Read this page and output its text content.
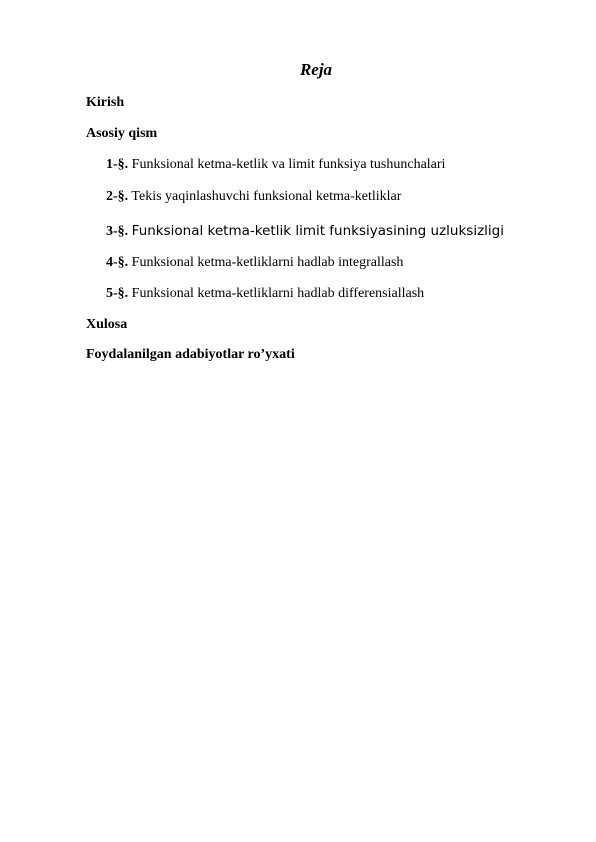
Reja
Kirish
Asosiy qism
1-§. Funksional ketma-ketlik va limit funksiya tushunchalari
2-§. Tekis yaqinlashuvchi funksional ketma-ketliklar
3-§. Funksional ketma-ketlik limit funksiyasining uzluksizligi
4-§. Funksional ketma-ketliklarni hadlab integrallash
5-§. Funksional ketma-ketliklarni hadlab differensiallash
Xulosa
Foydalanilgan adabiyotlar ro’yxati
